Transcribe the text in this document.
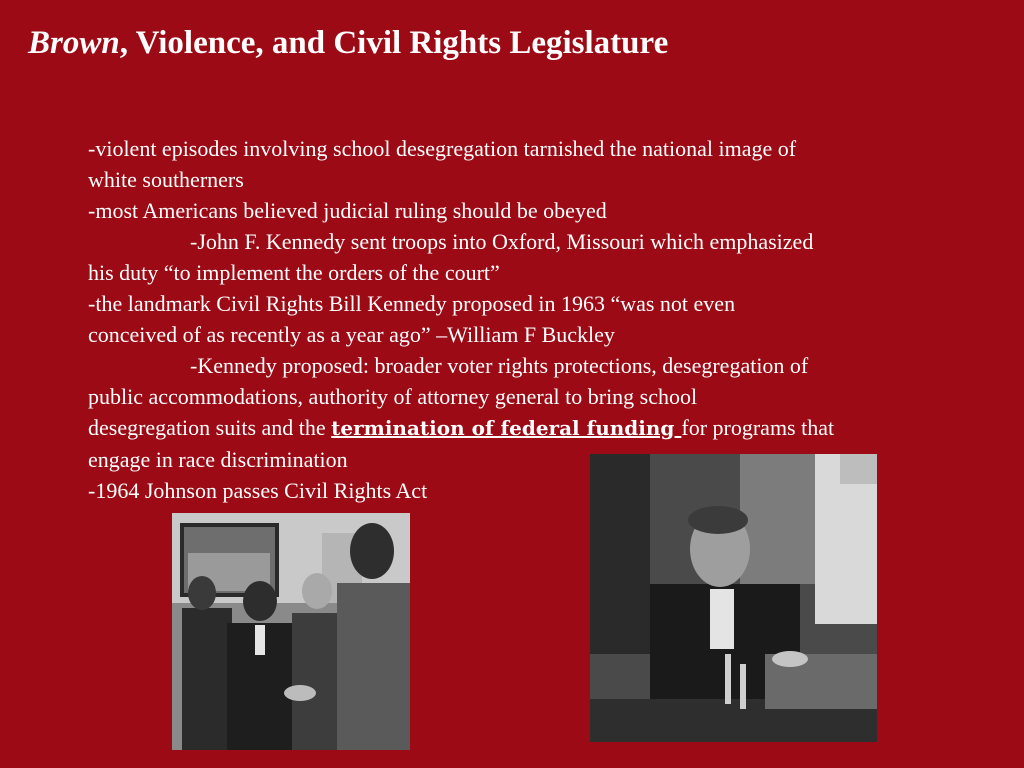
Brown, Violence, and Civil Rights Legislature
-violent episodes involving school desegregation tarnished the national image of
white southerners
-most Americans believed judicial ruling should be obeyed
-John F. Kennedy sent troops into Oxford, Missouri which emphasized
his duty “to implement the orders of the court”
-the landmark Civil Rights Bill Kennedy proposed in 1963 “was not even
conceived of as recently as a year ago” –William F Buckley
-Kennedy proposed: broader voter rights protections, desegregation of
public accommodations, authority of attorney general to bring school
desegregation suits and the termination of federal funding for programs that
engage in race discrimination
-1964 Johnson passes Civil Rights Act
